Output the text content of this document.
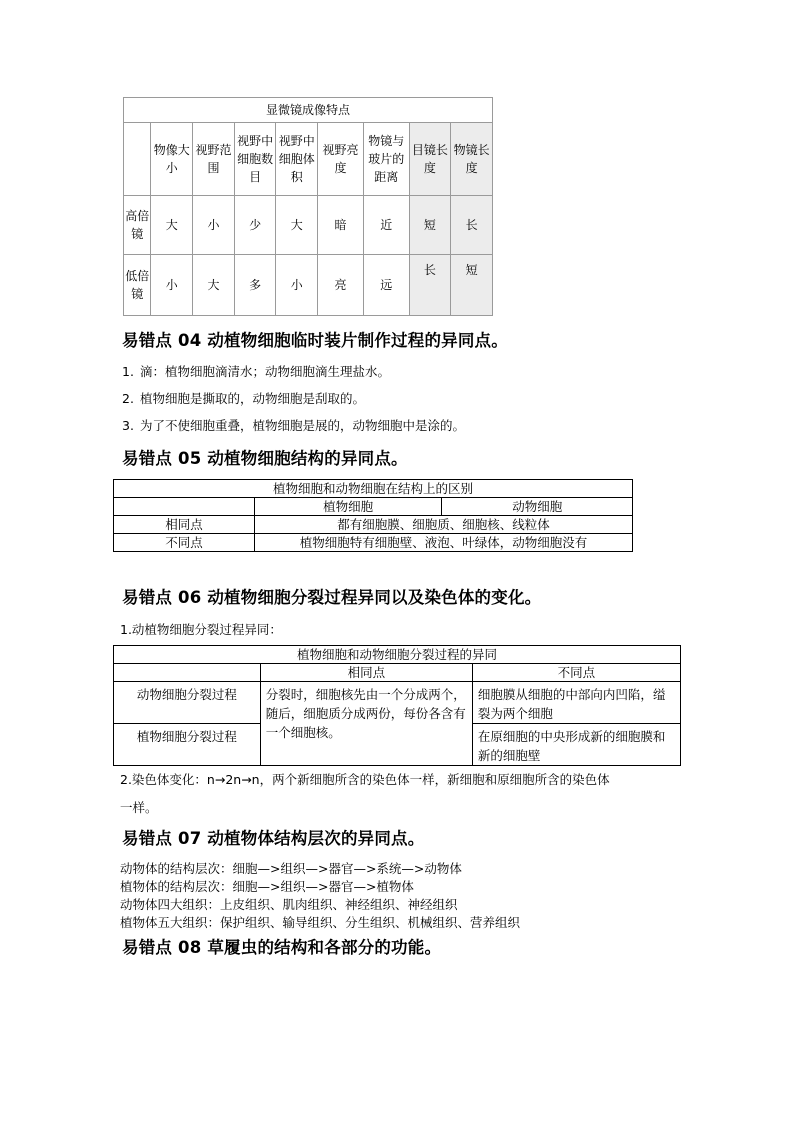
显微镜成像特点								
	物像大小	视野范围	视野中细胞数目	视野中细胞体积	视野亮度	物镜与玻片的距离	目镜长度	物镜长度
高倍镜	大	小	少	大	暗	近	短	长
低倍镜	小	大	多	小	亮	远	长	短
易错点 04 动植物细胞临时装片制作过程的异同点。

1. 滴：植物细胞滴清水；动物细胞滴生理盐水。

2. 植物细胞是撕取的，动物细胞是刮取的。

3. 为了不使细胞重叠，植物细胞是展的，动物细胞中是涂的。

易错点 05 动植物细胞结构的异同点。
植物细胞和动物细胞在结构上的区别		
	植物细胞	动物细胞
相同点	都有细胞膜、细胞质、细胞核、线粒体	
不同点	植物细胞特有细胞壁、液泡、叶绿体，动物细胞没有	
易错点 06 动植物细胞分裂过程异同以及染色体的变化。

1.动植物细胞分裂过程异同：

植物细胞和动物细胞分裂过程的异同		
	相同点	不同点
动物细胞分裂过程	分裂时，细胞核先由一个分成两个，随后，细胞质分成两份，每份各含有一个细胞核。	细胞膜从细胞的中部向内凹陷，缢裂为两个细胞
植物细胞分裂过程		在原细胞的中央形成新的细胞膜和新的细胞壁

2.染色体变化：n→2n→n，两个新细胞所含的染色体一样，新细胞和原细胞所含的染色体

一样。

易错点 07 动植物体结构层次的异同点。

动物体的结构层次：细胞—>组织—>器官—>系统—>动物体

植物体的结构层次：细胞—>组织—>器官—>植物体

动物体四大组织：上皮组织、肌肉组织、神经组织、神经组织

植物体五大组织：保护组织、输导组织、分生组织、机械组织、营养组织

易错点 08 草履虫的结构和各部分的功能。
